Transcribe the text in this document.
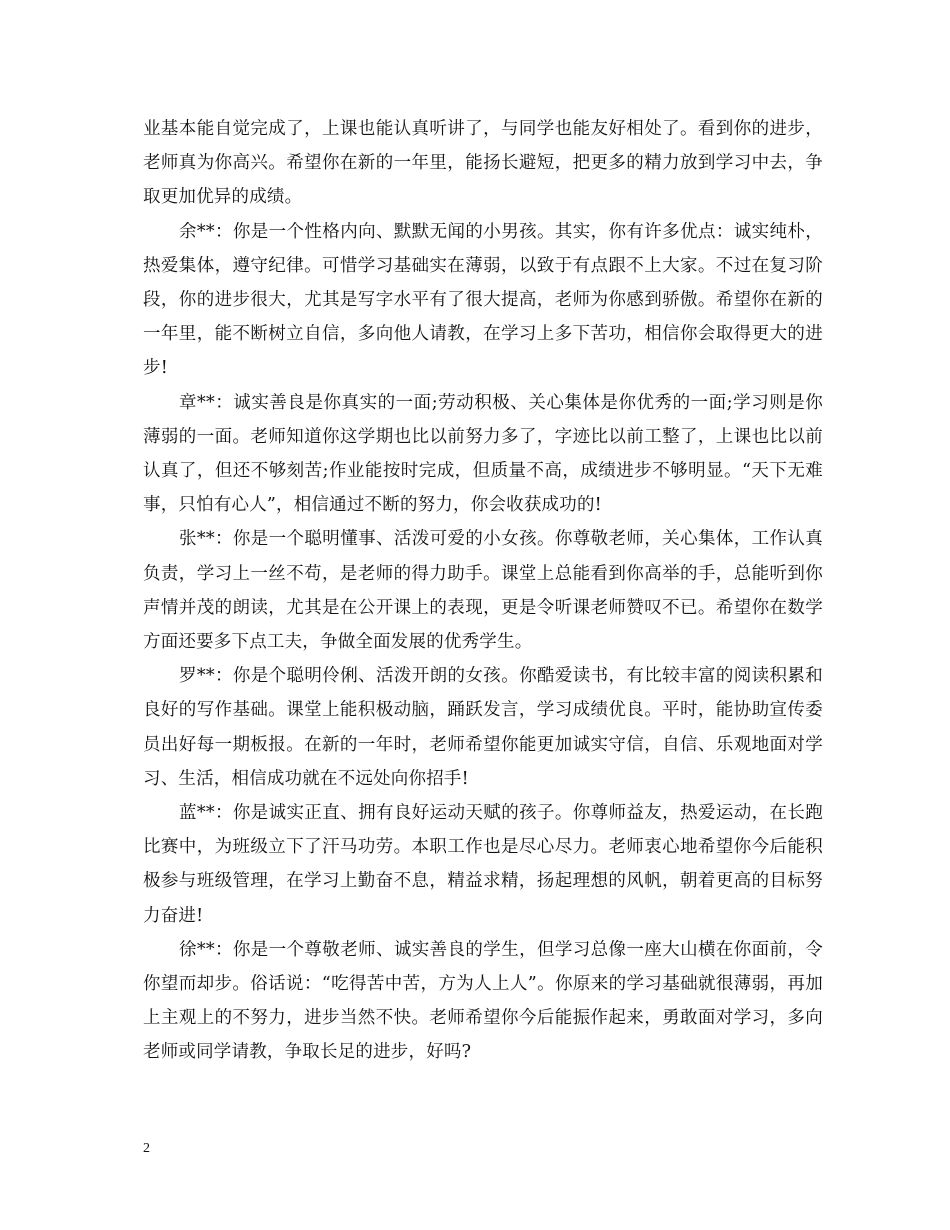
业基本能自觉完成了，上课也能认真听讲了，与同学也能友好相处了。看到你的进步，老师真为你高兴。希望你在新的一年里，能扬长避短，把更多的精力放到学习中去，争取更加优异的成绩。

余**：你是一个性格内向、默默无闻的小男孩。其实，你有许多优点：诚实纯朴，热爱集体，遵守纪律。可惜学习基础实在薄弱，以致于有点跟不上大家。不过在复习阶段，你的进步很大，尤其是写字水平有了很大提高，老师为你感到骄傲。希望你在新的一年里，能不断树立自信，多向他人请教，在学习上多下苦功，相信你会取得更大的进步!

章**：诚实善良是你真实的一面;劳动积极、关心集体是你优秀的一面;学习则是你薄弱的一面。老师知道你这学期也比以前努力多了，字迹比以前工整了，上课也比以前认真了，但还不够刻苦;作业能按时完成，但质量不高，成绩进步不够明显。“天下无难事，只怕有心人”，相信通过不断的努力，你会收获成功的!

张**：你是一个聪明懂事、活泼可爱的小女孩。你尊敬老师，关心集体，工作认真负责，学习上一丝不苟，是老师的得力助手。课堂上总能看到你高举的手，总能听到你声情并茂的朗读，尤其是在公开课上的表现，更是令听课老师赞叹不已。希望你在数学方面还要多下点工夫，争做全面发展的优秀学生。

罗**：你是个聪明伶俐、活泼开朗的女孩。你酷爱读书，有比较丰富的阅读积累和良好的写作基础。课堂上能积极动脑，踊跃发言，学习成绩优良。平时，能协助宣传委员出好每一期板报。在新的一年时，老师希望你能更加诚实守信，自信、乐观地面对学习、生活，相信成功就在不远处向你招手!

蓝**：你是诚实正直、拥有良好运动天赋的孩子。你尊师益友，热爱运动，在长跑比赛中，为班级立下了汗马功劳。本职工作也是尽心尽力。老师衷心地希望你今后能积极参与班级管理，在学习上勤奋不息，精益求精，扬起理想的风帆，朝着更高的目标努力奋进!

徐**：你是一个尊敬老师、诚实善良的学生，但学习总像一座大山横在你面前，令你望而却步。俗话说：“吃得苦中苦，方为人上人”。你原来的学习基础就很薄弱，再加上主观上的不努力，进步当然不快。老师希望你今后能振作起来，勇敢面对学习，多向老师或同学请教，争取长足的进步，好吗?

2
